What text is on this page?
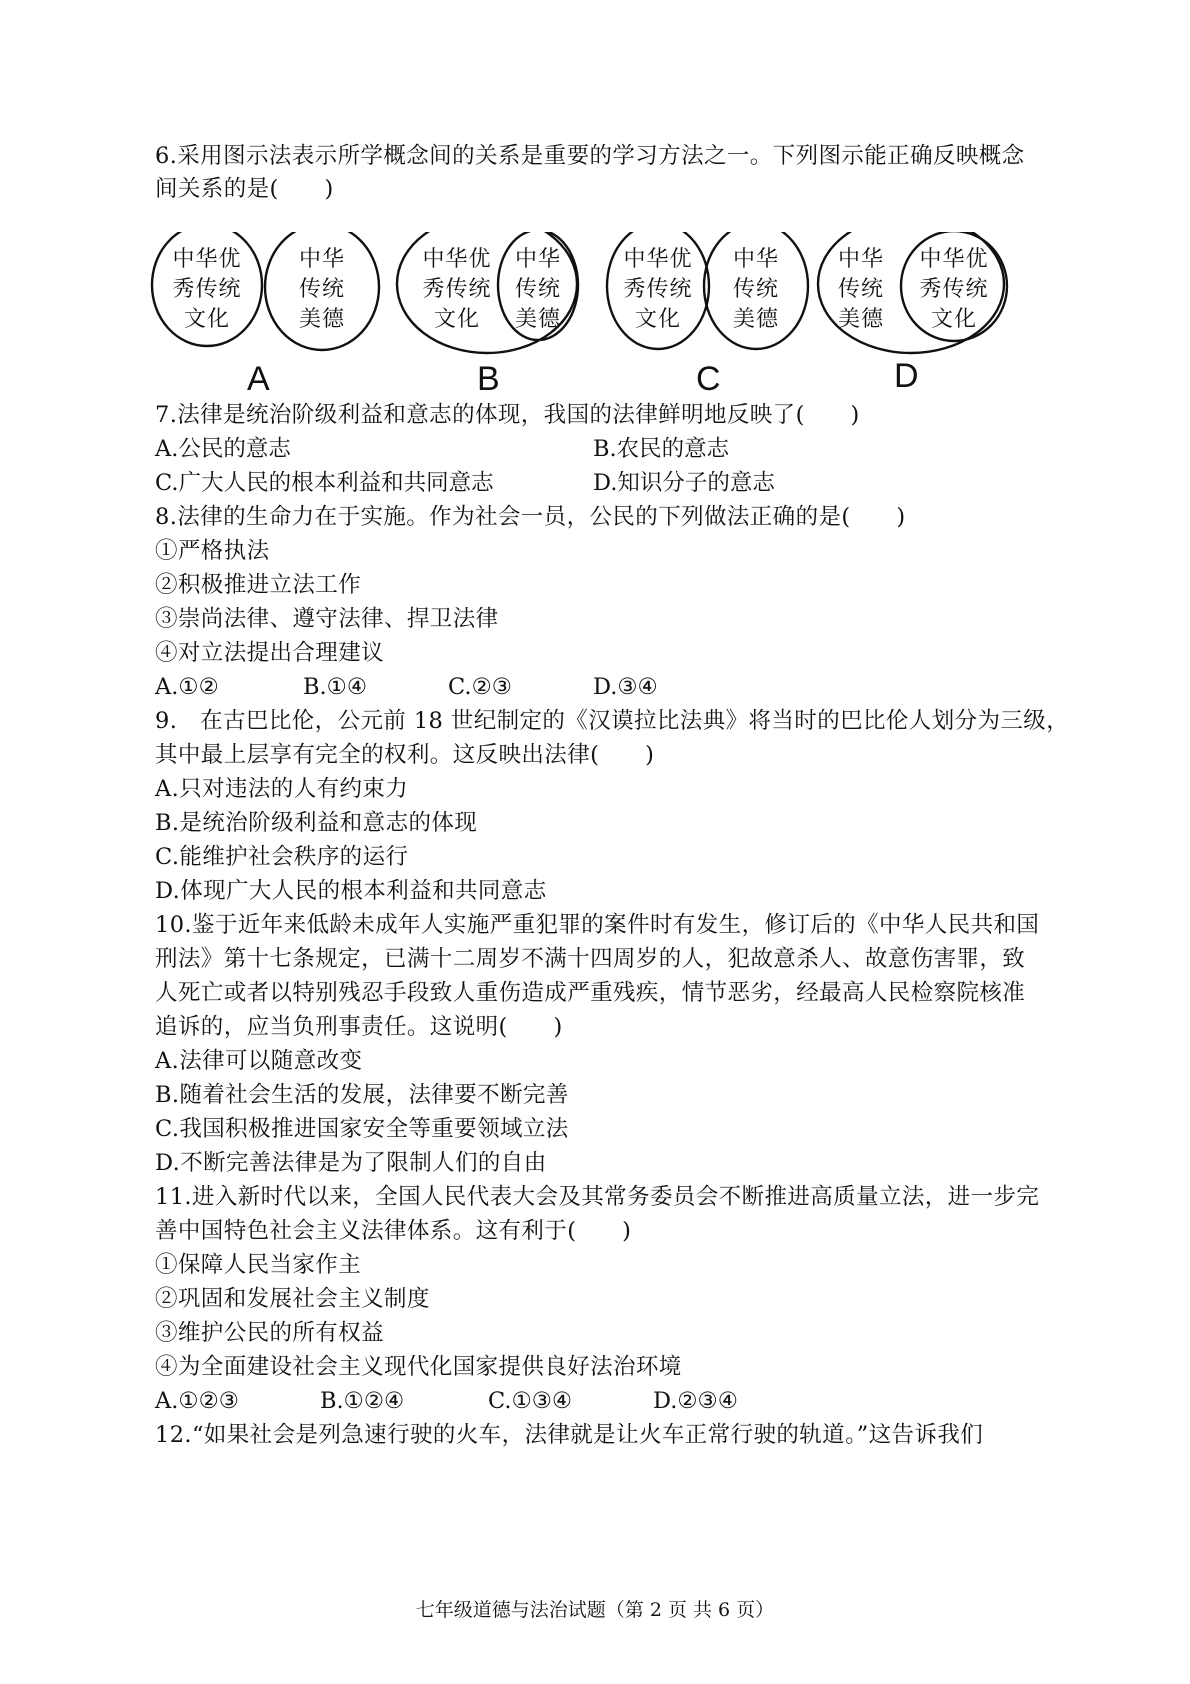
6.采用图示法表示所学概念间的关系是重要的学习方法之一。下列图示能正确反映概念
间关系的是(　　)
中华优秀传统文化
中华传统美德
A
中华优秀传统文化
中华传统美德
B
中华优秀传统文化
中华传统美德
C
中华传统美德
中华优秀传统文化
D
7.法律是统治阶级利益和意志的体现，我国的法律鲜明地反映了(　　)
A.公民的意志	B.农民的意志
C.广大人民的根本利益和共同意志	D.知识分子的意志
8.法律的生命力在于实施。作为社会一员，公民的下列做法正确的是(　　)
①严格执法
②积极推进立法工作
③崇尚法律、遵守法律、捍卫法律
④对立法提出合理建议
A.①②	B.①④	C.②③	D.③④
9.　在古巴比伦，公元前 18 世纪制定的《汉谟拉比法典》将当时的巴比伦人划分为三级，
其中最上层享有完全的权利。这反映出法律(　　)
A.只对违法的人有约束力
B.是统治阶级利益和意志的体现
C.能维护社会秩序的运行
D.体现广大人民的根本利益和共同意志
10.鉴于近年来低龄未成年人实施严重犯罪的案件时有发生，修订后的《中华人民共和国
刑法》第十七条规定，已满十二周岁不满十四周岁的人，犯故意杀人、故意伤害罪，致
人死亡或者以特别残忍手段致人重伤造成严重残疾，情节恶劣，经最高人民检察院核准
追诉的，应当负刑事责任。这说明(　　)
A.法律可以随意改变
B.随着社会生活的发展，法律要不断完善
C.我国积极推进国家安全等重要领域立法
D.不断完善法律是为了限制人们的自由
11.进入新时代以来，全国人民代表大会及其常务委员会不断推进高质量立法，进一步完
善中国特色社会主义法律体系。这有利于(　　)
①保障人民当家作主
②巩固和发展社会主义制度
③维护公民的所有权益
④为全面建设社会主义现代化国家提供良好法治环境
A.①②③	B.①②④	C.①③④	D.②③④
12.“如果社会是列急速行驶的火车，法律就是让火车正常行驶的轨道。”这告诉我们
七年级道德与法治试题（第 2 页 共 6 页）
